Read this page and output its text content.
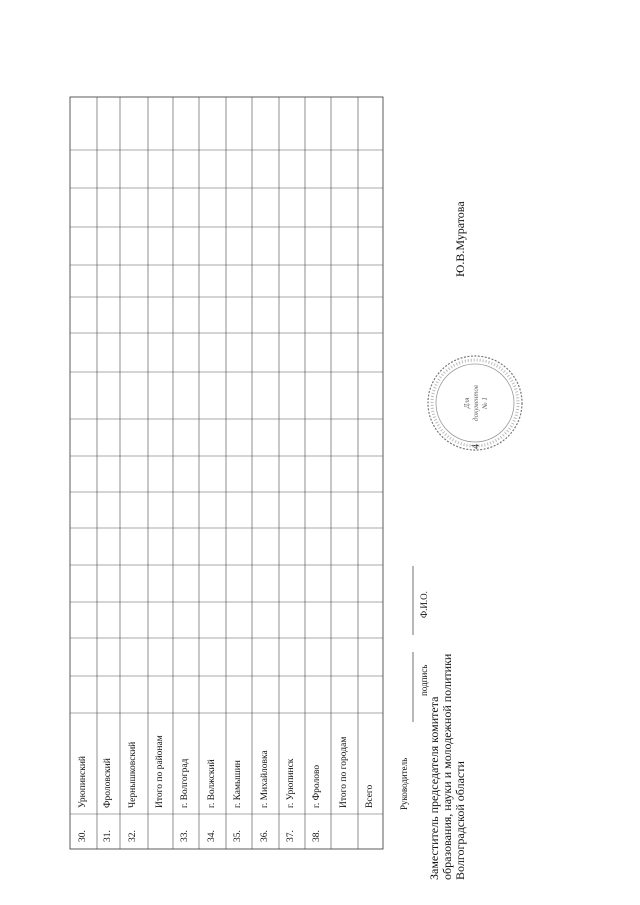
4
30.
Урюпинский
31.
Фроловский
32.
Чернышковский Итого по районам
33.
г. Волгоград
34.
г. Волжский
35.
г. Камышин
36.
г. Михайловка
37.
г. Урюпинск
38.
г. Фролово Итого по городам Всего	Руководитель
подпись
Ф.И.О.
Заместитель председателя комитета образования, науки и молодежной политики Волгоградской области
Ю.В.Муратова
Для документов № 1
